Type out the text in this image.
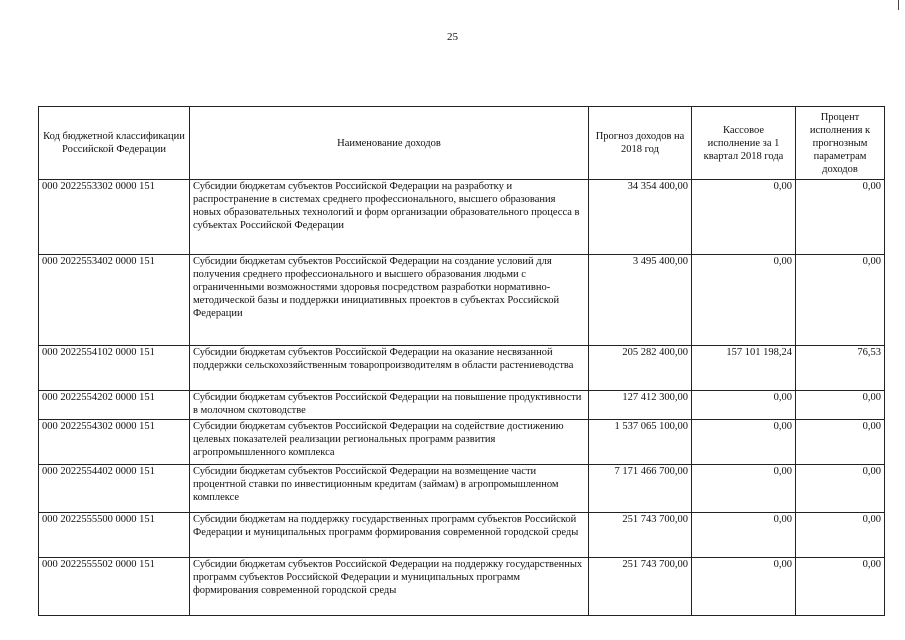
25
Код бюджетной классификации Российской Федерации	Наименование доходов	Прогноз доходов на 2018 год	Кассовое исполнение за 1 квартал 2018 года	Процент исполнения к прогнозным параметрам доходов
000 2022553302 0000 151	Субсидии бюджетам субъектов Российской Федерации на разработку и распространение в системах среднего профессионального, высшего образования новых образовательных технологий и форм организации образовательного процесса в субъектах Российской Федерации	34 354 400,00	0,00	0,00
000 2022553402 0000 151	Субсидии бюджетам субъектов Российской Федерации на создание условий для получения среднего профессионального и высшего образования людьми с ограниченными возможностями здоровья посредством разработки нормативно-методической базы и поддержки инициативных проектов в субъектах Российской Федерации	3 495 400,00	0,00	0,00
000 2022554102 0000 151	Субсидии бюджетам субъектов Российской Федерации на оказание несвязанной поддержки сельскохозяйственным товаропроизводителям в области растениеводства	205 282 400,00	157 101 198,24	76,53
000 2022554202 0000 151	Субсидии бюджетам субъектов Российской Федерации на повышение продуктивности в молочном скотоводстве	127 412 300,00	0,00	0,00
000 2022554302 0000 151	Субсидии бюджетам субъектов Российской Федерации на содействие достижению целевых показателей реализации региональных программ развития агропромышленного комплекса	1 537 065 100,00	0,00	0,00
000 2022554402 0000 151	Субсидии бюджетам субъектов Российской Федерации на возмещение части процентной ставки по инвестиционным кредитам (займам) в агропромышленном комплексе	7 171 466 700,00	0,00	0,00
000 2022555500 0000 151	Субсидии бюджетам на поддержку государственных программ субъектов Российской Федерации и муниципальных программ формирования современной городской среды	251 743 700,00	0,00	0,00
000 2022555502 0000 151	Субсидии бюджетам субъектов Российской Федерации на поддержку государственных программ субъектов Российской Федерации и муниципальных программ формирования современной городской среды	251 743 700,00	0,00	0,00
